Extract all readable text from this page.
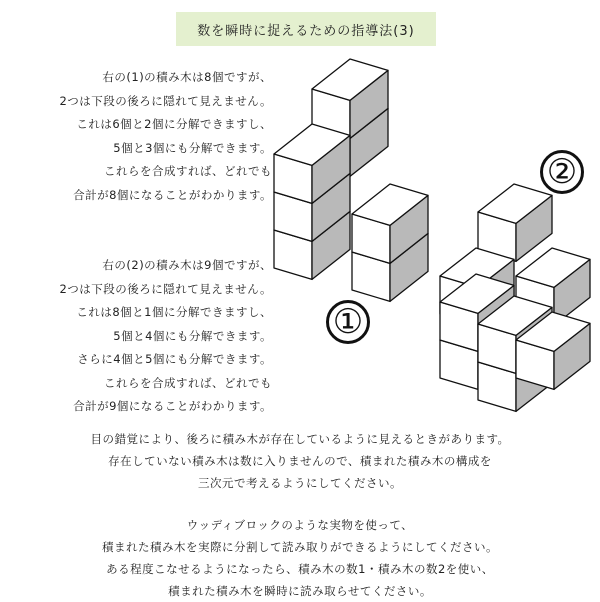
数を瞬時に捉えるための指導法(3)
右の(1)の積み木は8個ですが、
2つは下段の後ろに隠れて見えません。
これは6個と2個に分解できますし、
5個と3個にも分解できます。
これらを合成すれば、どれでも
合計が8個になることがわかります。
右の(2)の積み木は9個ですが、
2つは下段の後ろに隠れて見えません。
これは8個と1個に分解できますし、
5個と4個にも分解できます。
さらに4個と5個にも分解できます。
これらを合成すれば、どれでも
合計が9個になることがわかります。
①
②
目の錯覚により、後ろに積み木が存在しているように見えるときがあります。
存在していない積み木は数に入りませんので、積まれた積み木の構成を
三次元で考えるようにしてください。
ウッディブロックのような実物を使って、
積まれた積み木を実際に分割して読み取りができるようにしてください。
ある程度こなせるようになったら、積み木の数1・積み木の数2を使い、
積まれた積み木を瞬時に読み取らせてください。
